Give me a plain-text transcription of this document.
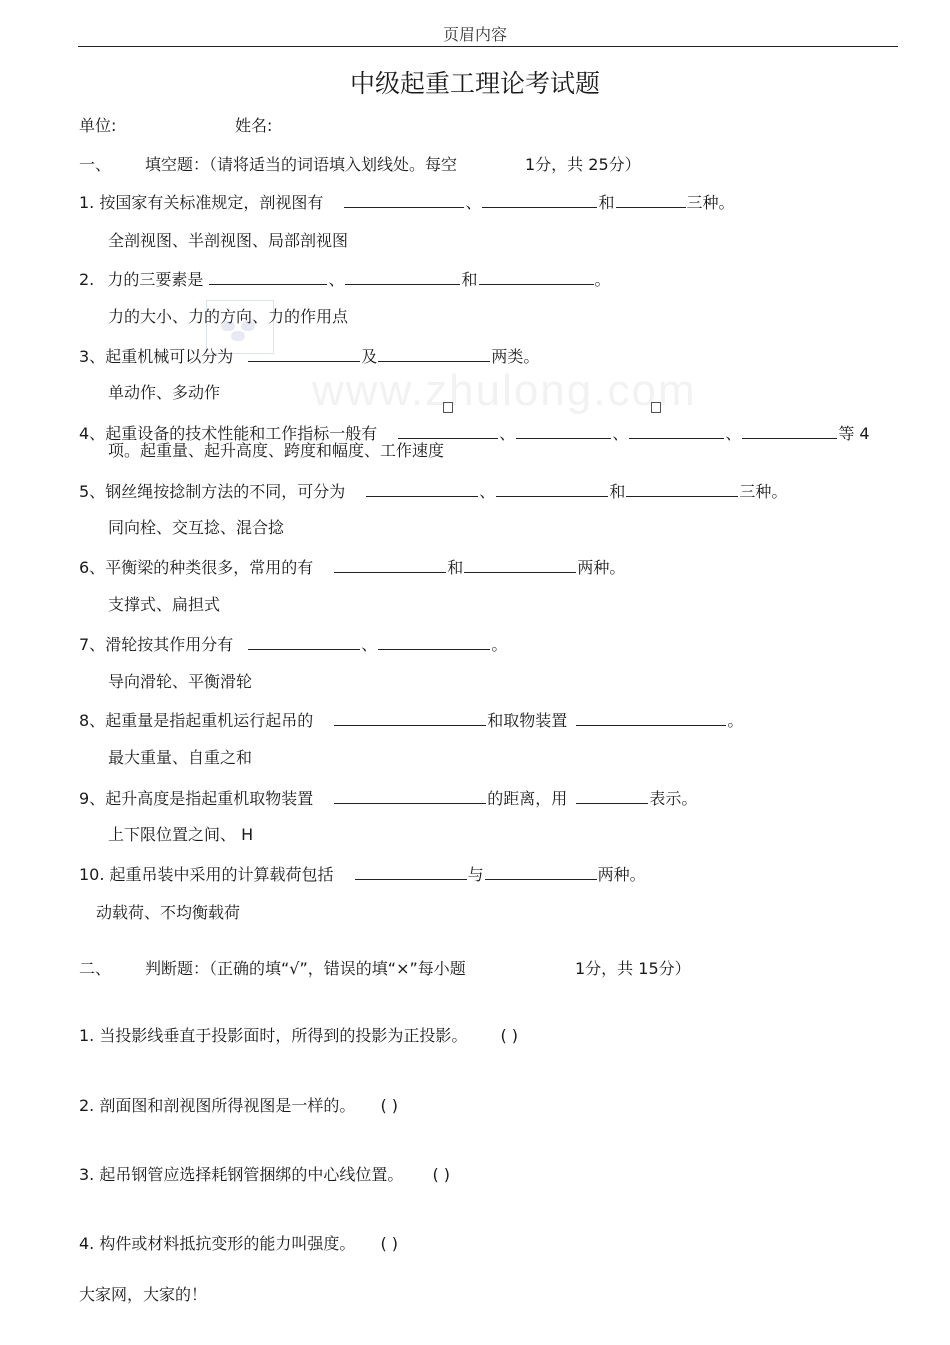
页眉内容
www.zhulong.com
中级起重工理论考试题
单位:	姓名:
一、 填空题：（请将适当的词语填入划线处。每空	1分，共 25分）
1. 按国家有关标准规定，剖视图有	、	和	三种。
全剖视图、半剖视图、局部剖视图
2. 力的三要素是	、	和	。
力的大小、力的方向、力的作用点
3、起重机械可以分为	及	两类。
单动作、多动作
4、起重设备的技术性能和工作指标一般有	、	、	、	等 4
项。起重量、起升高度、跨度和幅度、工作速度
5、钢丝绳按捻制方法的不同，可分为	、	和	三种。
同向栓、交互捻、混合捻
6、平衡梁的种类很多，常用的有	和	两种。
支撑式、扁担式
7、滑轮按其作用分有	、	。
导向滑轮、平衡滑轮
8、起重量是指起重机运行起吊的	和取物装置	。
最大重量、自重之和
9、起升高度是指起重机取物装置	的距离，用	表示。
上下限位置之间、 H
10. 起重吊装中采用的计算载荷包括	与	两种。
动载荷、不均衡载荷
二、 判断题：（正确的填“√”，错误的填“×”每小题	1分，共 15分）
1. 当投影线垂直于投影面时，所得到的投影为正投影。 ( )
2. 剖面图和剖视图所得视图是一样的。 ( )
3. 起吊钢管应选择耗钢管捆绑的中心线位置。 ( )
4. 构件或材料抵抗变形的能力叫强度。 ( )
大家网，大家的！
